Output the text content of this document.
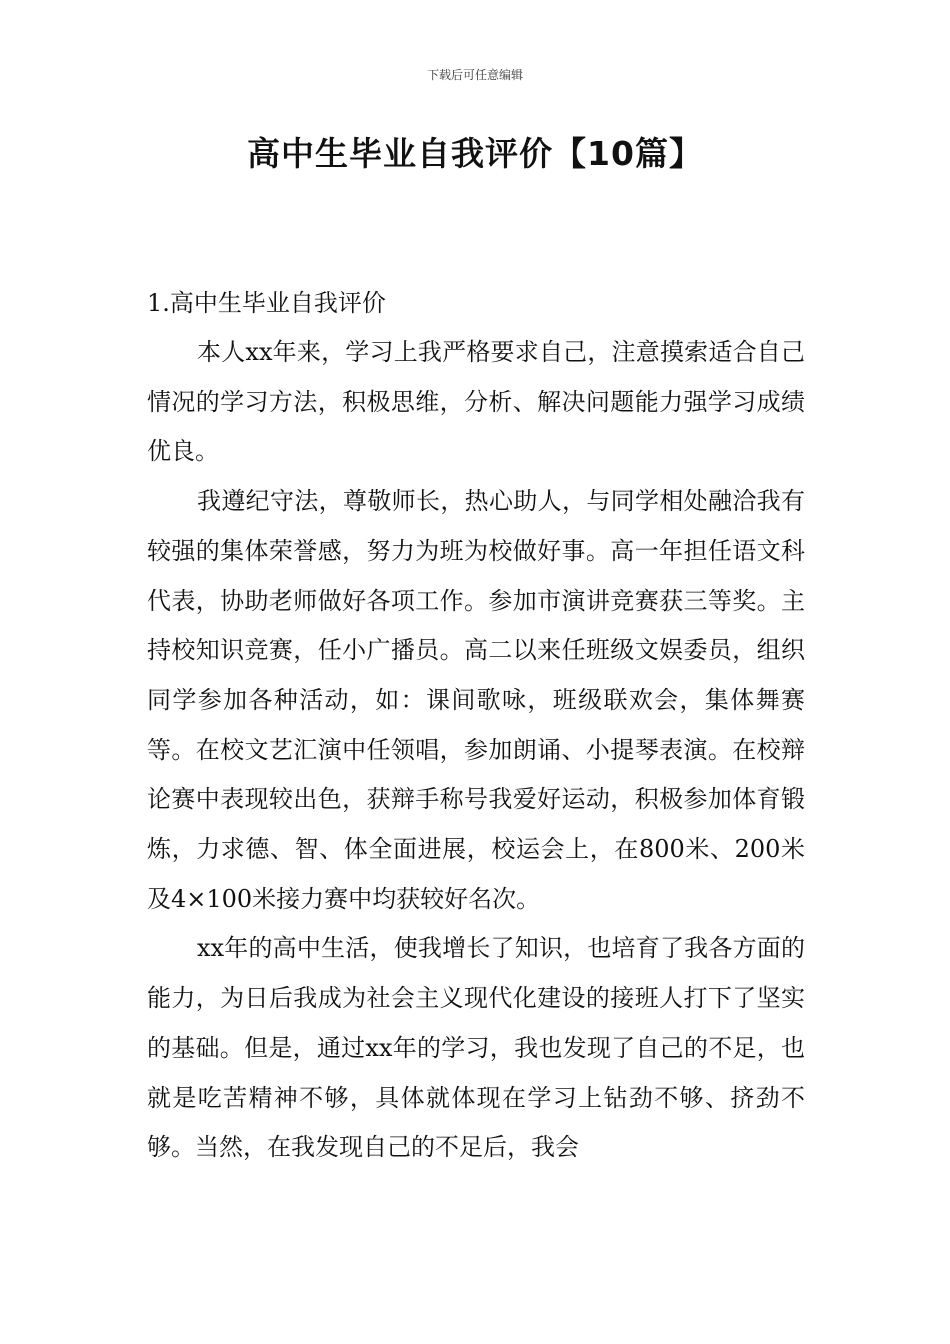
下载后可任意编辑
高中生毕业自我评价【10篇】
1.高中生毕业自我评价

本人xx年来，学习上我严格要求自己，注意摸索适合自己情况的学习方法，积极思维，分析、解决问题能力强学习成绩优良。

我遵纪守法，尊敬师长，热心助人，与同学相处融洽我有较强的集体荣誉感，努力为班为校做好事。高一年担任语文科代表，协助老师做好各项工作。参加市演讲竞赛获三等奖。主持校知识竞赛，任小广播员。高二以来任班级文娱委员，组织同学参加各种活动，如：课间歌咏，班级联欢会，集体舞赛等。在校文艺汇演中任领唱，参加朗诵、小提琴表演。在校辩论赛中表现较出色，获辩手称号我爱好运动，积极参加体育锻炼，力求德、智、体全面进展，校运会上，在800米、200米及4×100米接力赛中均获较好名次。

xx年的高中生活，使我增长了知识，也培育了我各方面的能力，为日后我成为社会主义现代化建设的接班人打下了坚实的基础。但是，通过xx年的学习，我也发现了自己的不足，也就是吃苦精神不够，具体就体现在学习上钻劲不够、挤劲不够。当然，在我发现自己的不足后，我会
